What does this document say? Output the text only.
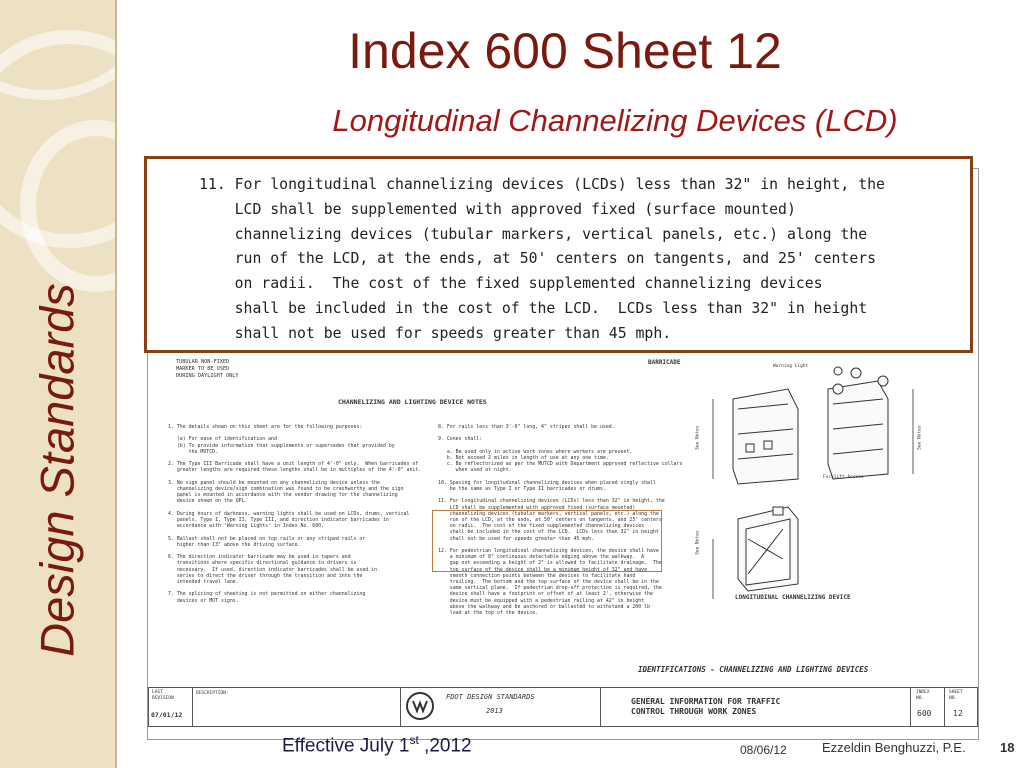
Design Standards
Index 600 Sheet 12
Longitudinal Channelizing Devices (LCD)
TUBULAR NON-FIXED
MARKER TO BE USED
DURING DAYLIGHT ONLY
BARRICADE
CHANNELIZING AND LIGHTING DEVICE NOTES
1. The details shown on this sheet are for the following purposes:

(a) For ease of identification and
(b) To provide information that supplements or supersedes that provided by
the MUTCD.

2. The Type III Barricade shall have a unit length of 4'-0" only.  When barricades of
greater lengths are required these lengths shall be in multiples of the 4'-0" unit.

3. No sign panel should be mounted on any channelizing device unless the
channelizing device/sign combination was found to be crashworthy and the sign
panel is mounted in accordance with the vendor drawing for the channelizing
device shown on the QPL.

4. During hours of darkness, warning lights shall be used on LCDs, drums, vertical
panels, Type I, Type II, Type III, and direction indicator barricades in
accordance with 'Warning Lights' in Index No. 600.

5. Ballast shall not be placed on top rails or any striped rails or
higher than 13" above the driving surface.

6. The direction indicator barricade may be used in tapers and
transitions where specific directional guidance to drivers is
necessary.  If used, direction indicator barricades shall be used in
series to direct the driver through the transition and into the
intended travel lane.

7. The splicing of sheeting is not permitted on either channelizing
devices or MOT signs.
8. For rails less than 3'-0" long, 4" stripes shall be used.

9. Cones shall:

a. Be used only in active work zones where workers are present.
b. Not exceed 2 miles in length of use at any one time.
c. Be reflectorized as per the MUTCD with Department approved reflective collars
when used at night.

10. Spacing for longitudinal channelizing devices when placed singly shall
be the same as Type I or Type II barricades or drums.

11. For longitudinal channelizing devices (LCDs) less than 32" in height, the
LCD shall be supplemented with approved fixed (surface mounted)
channelizing devices (tubular markers, vertical panels, etc.) along the
run of the LCD, at the ends, at 50' centers on tangents, and 25' centers
on radii.  The cost of the fixed supplemented channelizing devices
shall be included in the cost of the LCD.  LCDs less than 32" in height
shall not be used for speeds greater than 45 mph.

12. For pedestrian longitudinal channelizing devices, the device shall have
a minimum of 8" continuous detectable edging above the walkway.  A
gap not exceeding a height of 2" is allowed to facilitate drainage.  The
top surface of the device shall be a minimum height of 32" and have
smooth connection points between the devices to facilitate hand
trailing.  The bottom and the top surface of the device shall be in the
same vertical plane.  If pedestrian drop-off protection is required, the
device shall have a footprint or offset of at least 2', otherwise the
device must be equipped with a pedestrian railing at 42" in height
above the walkway and be anchored or ballasted to withstand a 200 lb
load at the top of the device.
Warning Light
See Notes	See Notes
See Notes
Forklift Access
LONGITUDINAL CHANNELIZING DEVICE
IDENTIFICATIONS - CHANNELIZING AND LIGHTING DEVICES
LAST
REVISION
07/01/12
DESCRIPTION:	FDOT DESIGN STANDARDS
2013
GENERAL INFORMATION FOR TRAFFIC
CONTROL THROUGH WORK ZONES
INDEX
NO.
600
SHEET
NO.
12
11. For longitudinal channelizing devices (LCDs) less than 32" in height, the
LCD shall be supplemented with approved fixed (surface mounted)
channelizing devices (tubular markers, vertical panels, etc.) along the
run of the LCD, at the ends, at 50' centers on tangents, and 25' centers
on radii.  The cost of the fixed supplemented channelizing devices
shall be included in the cost of the LCD.  LCDs less than 32" in height
shall not be used for speeds greater than 45 mph.
Effective July 1st ,2012	08/06/12	Ezzeldin Benghuzzi, P.E.	18
